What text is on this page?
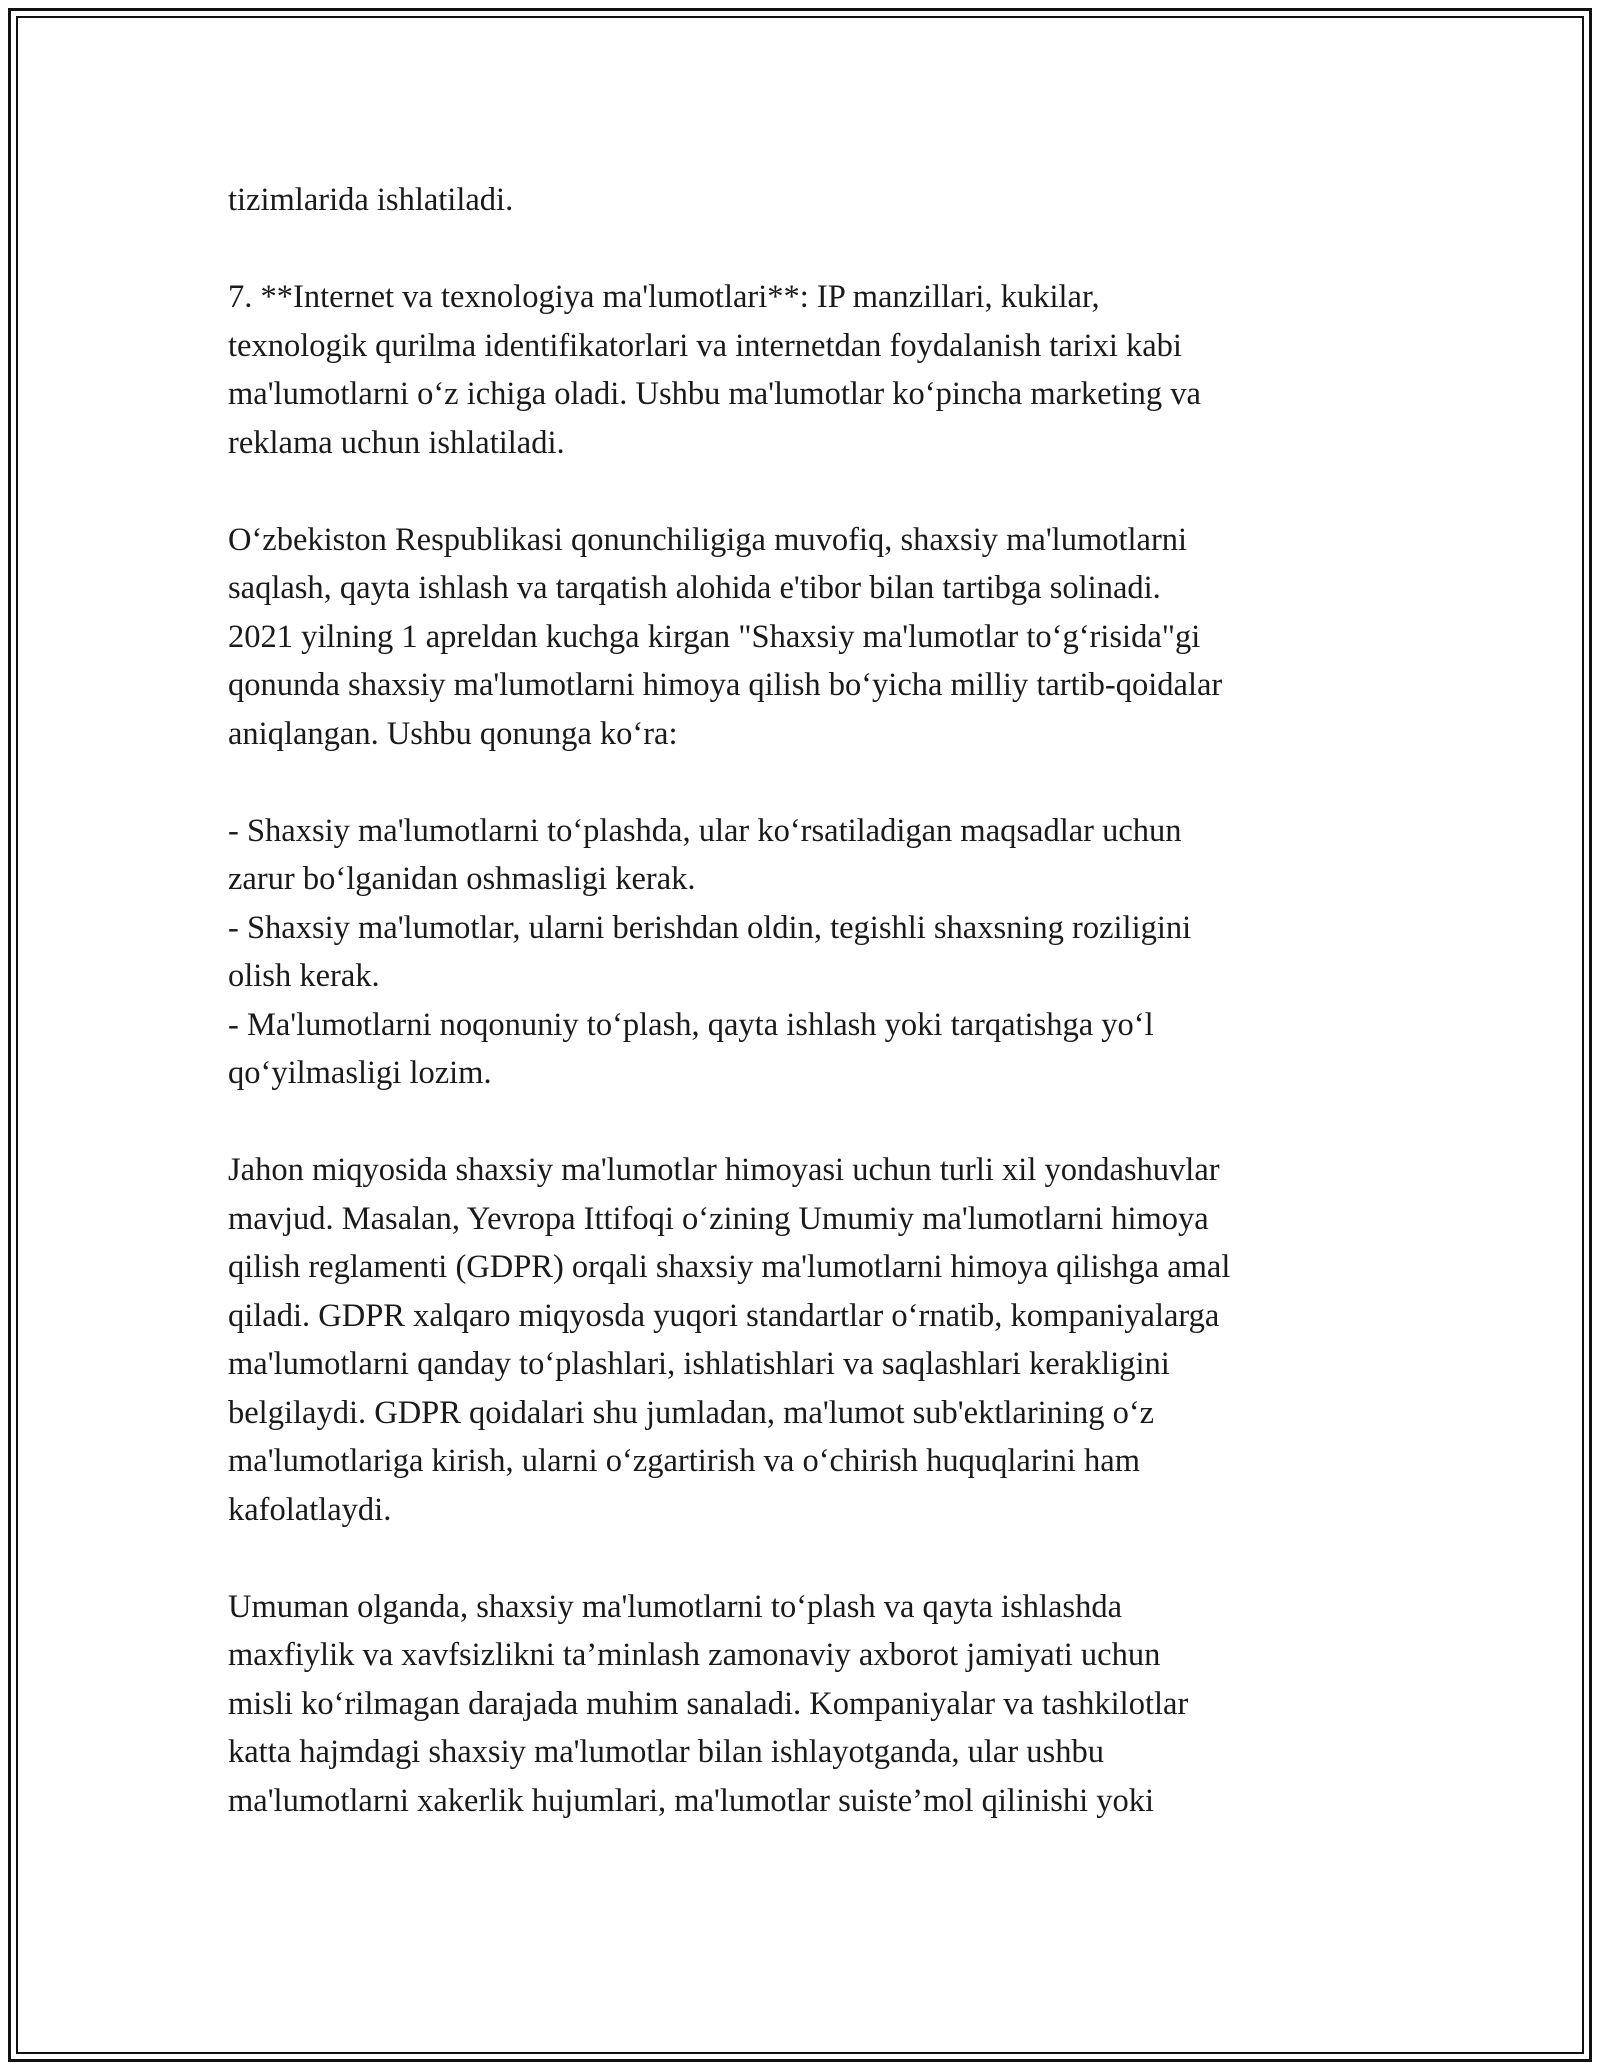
tizimlarida ishlatiladi.

7. **Internet va texnologiya ma'lumotlari**: IP manzillari, kukilar,
texnologik qurilma identifikatorlari va internetdan foydalanish tarixi kabi
ma'lumotlarni o‘z ichiga oladi. Ushbu ma'lumotlar ko‘pincha marketing va
reklama uchun ishlatiladi.

O‘zbekiston Respublikasi qonunchiligiga muvofiq, shaxsiy ma'lumotlarni
saqlash, qayta ishlash va tarqatish alohida e'tibor bilan tartibga solinadi.
2021 yilning 1 apreldan kuchga kirgan "Shaxsiy ma'lumotlar to‘g‘risida"gi
qonunda shaxsiy ma'lumotlarni himoya qilish bo‘yicha milliy tartib-qoidalar
aniqlangan. Ushbu qonunga ko‘ra:

- Shaxsiy ma'lumotlarni to‘plashda, ular ko‘rsatiladigan maqsadlar uchun
zarur bo‘lganidan oshmasligi kerak.
- Shaxsiy ma'lumotlar, ularni berishdan oldin, tegishli shaxsning roziligini
olish kerak.
- Ma'lumotlarni noqonuniy to‘plash, qayta ishlash yoki tarqatishga yo‘l
qo‘yilmasligi lozim.

Jahon miqyosida shaxsiy ma'lumotlar himoyasi uchun turli xil yondashuvlar
mavjud. Masalan, Yevropa Ittifoqi o‘zining Umumiy ma'lumotlarni himoya
qilish reglamenti (GDPR) orqali shaxsiy ma'lumotlarni himoya qilishga amal
qiladi. GDPR xalqaro miqyosda yuqori standartlar o‘rnatib, kompaniyalarga
ma'lumotlarni qanday to‘plashlari, ishlatishlari va saqlashlari kerakligini
belgilaydi. GDPR qoidalari shu jumladan, ma'lumot sub'ektlarining o‘z
ma'lumotlariga kirish, ularni o‘zgartirish va o‘chirish huquqlarini ham
kafolatlaydi.

Umuman olganda, shaxsiy ma'lumotlarni to‘plash va qayta ishlashda
maxfiylik va xavfsizlikni ta’minlash zamonaviy axborot jamiyati uchun
misli ko‘rilmagan darajada muhim sanaladi. Kompaniyalar va tashkilotlar
katta hajmdagi shaxsiy ma'lumotlar bilan ishlayotganda, ular ushbu
ma'lumotlarni xakerlik hujumlari, ma'lumotlar suiste’mol qilinishi yoki
